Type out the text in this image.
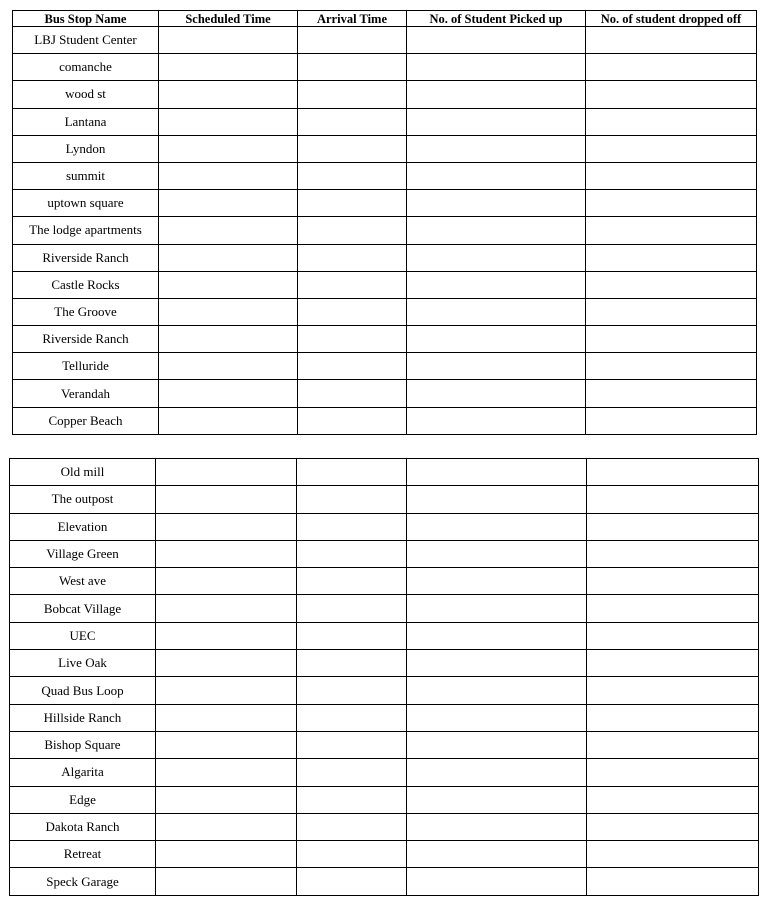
Bus Stop Name	Scheduled Time	Arrival Time	No. of Student Picked up	No. of student dropped off
LBJ Student Center				
comanche				
wood st				
Lantana				
Lyndon				
summit				
uptown square				
The lodge apartments				
Riverside Ranch				
Castle Rocks				
The Groove				
Riverside Ranch				
Telluride				
Verandah				
Copper Beach				
Old mill				
The outpost				
Elevation				
Village Green				
West ave				
Bobcat Village				
UEC				
Live Oak				
Quad Bus Loop				
Hillside Ranch				
Bishop Square				
Algarita				
Edge				
Dakota Ranch				
Retreat				
Speck Garage				
